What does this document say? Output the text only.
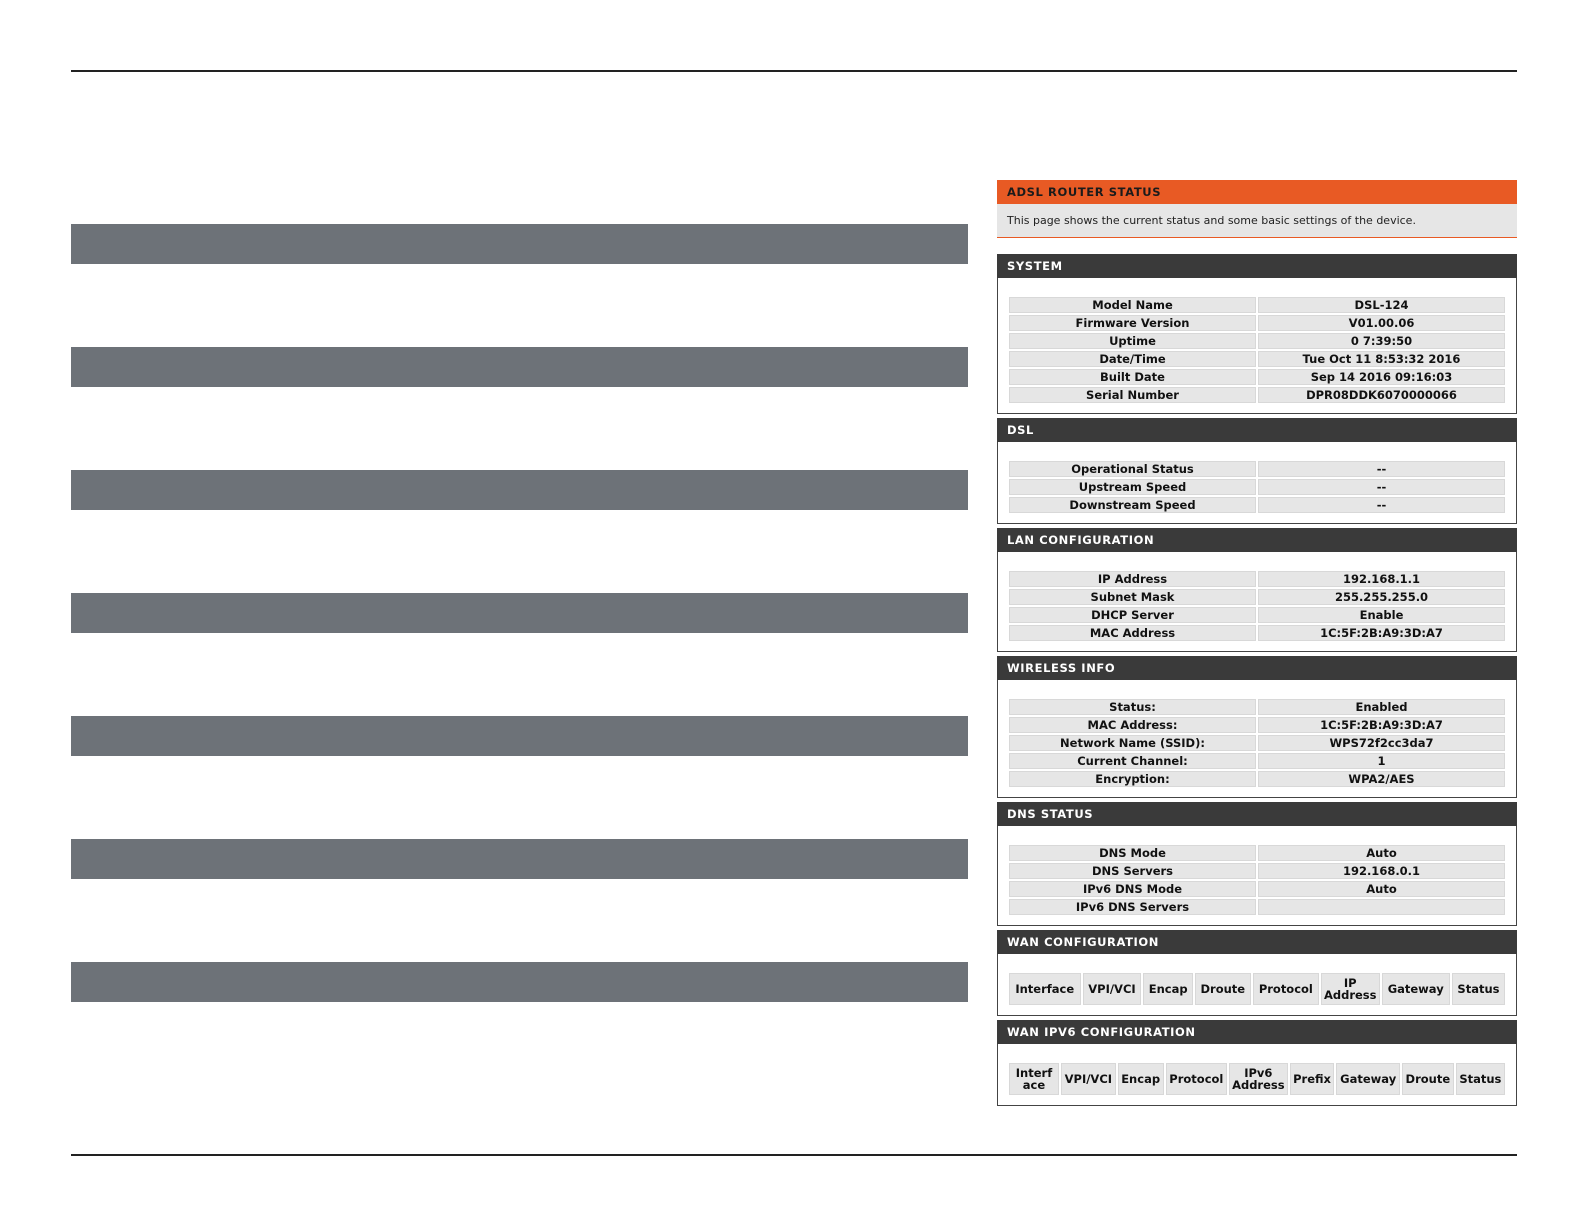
ADSL ROUTER STATUS
This page shows the current status and some basic settings of the device.
SYSTEM
Model Name	DSL-124
Firmware Version	V01.00.06
Uptime	0 7:39:50
Date/Time	Tue Oct 11 8:53:32 2016
Built Date	Sep 14 2016 09:16:03
Serial Number	DPR08DDK6070000066
DSL
Operational Status	--
Upstream Speed	--
Downstream Speed	--
LAN CONFIGURATION
IP Address	192.168.1.1
Subnet Mask	255.255.255.0
DHCP Server	Enable
MAC Address	1C:5F:2B:A9:3D:A7
WIRELESS INFO
Status:	Enabled
MAC Address:	1C:5F:2B:A9:3D:A7
Network Name (SSID):	WPS72f2cc3da7
Current Channel:	1
Encryption:	WPA2/AES
DNS STATUS
DNS Mode	Auto
DNS Servers	192.168.0.1
IPv6 DNS Mode	Auto
IPv6 DNS Servers	
WAN CONFIGURATION
Interface	VPI/VCI	Encap	Droute	Protocol	IP Address	Gateway	Status
WAN IPV6 CONFIGURATION
Interface	VPI/VCI	Encap	Protocol	IPv6 Address	Prefix	Gateway	Droute	Status
